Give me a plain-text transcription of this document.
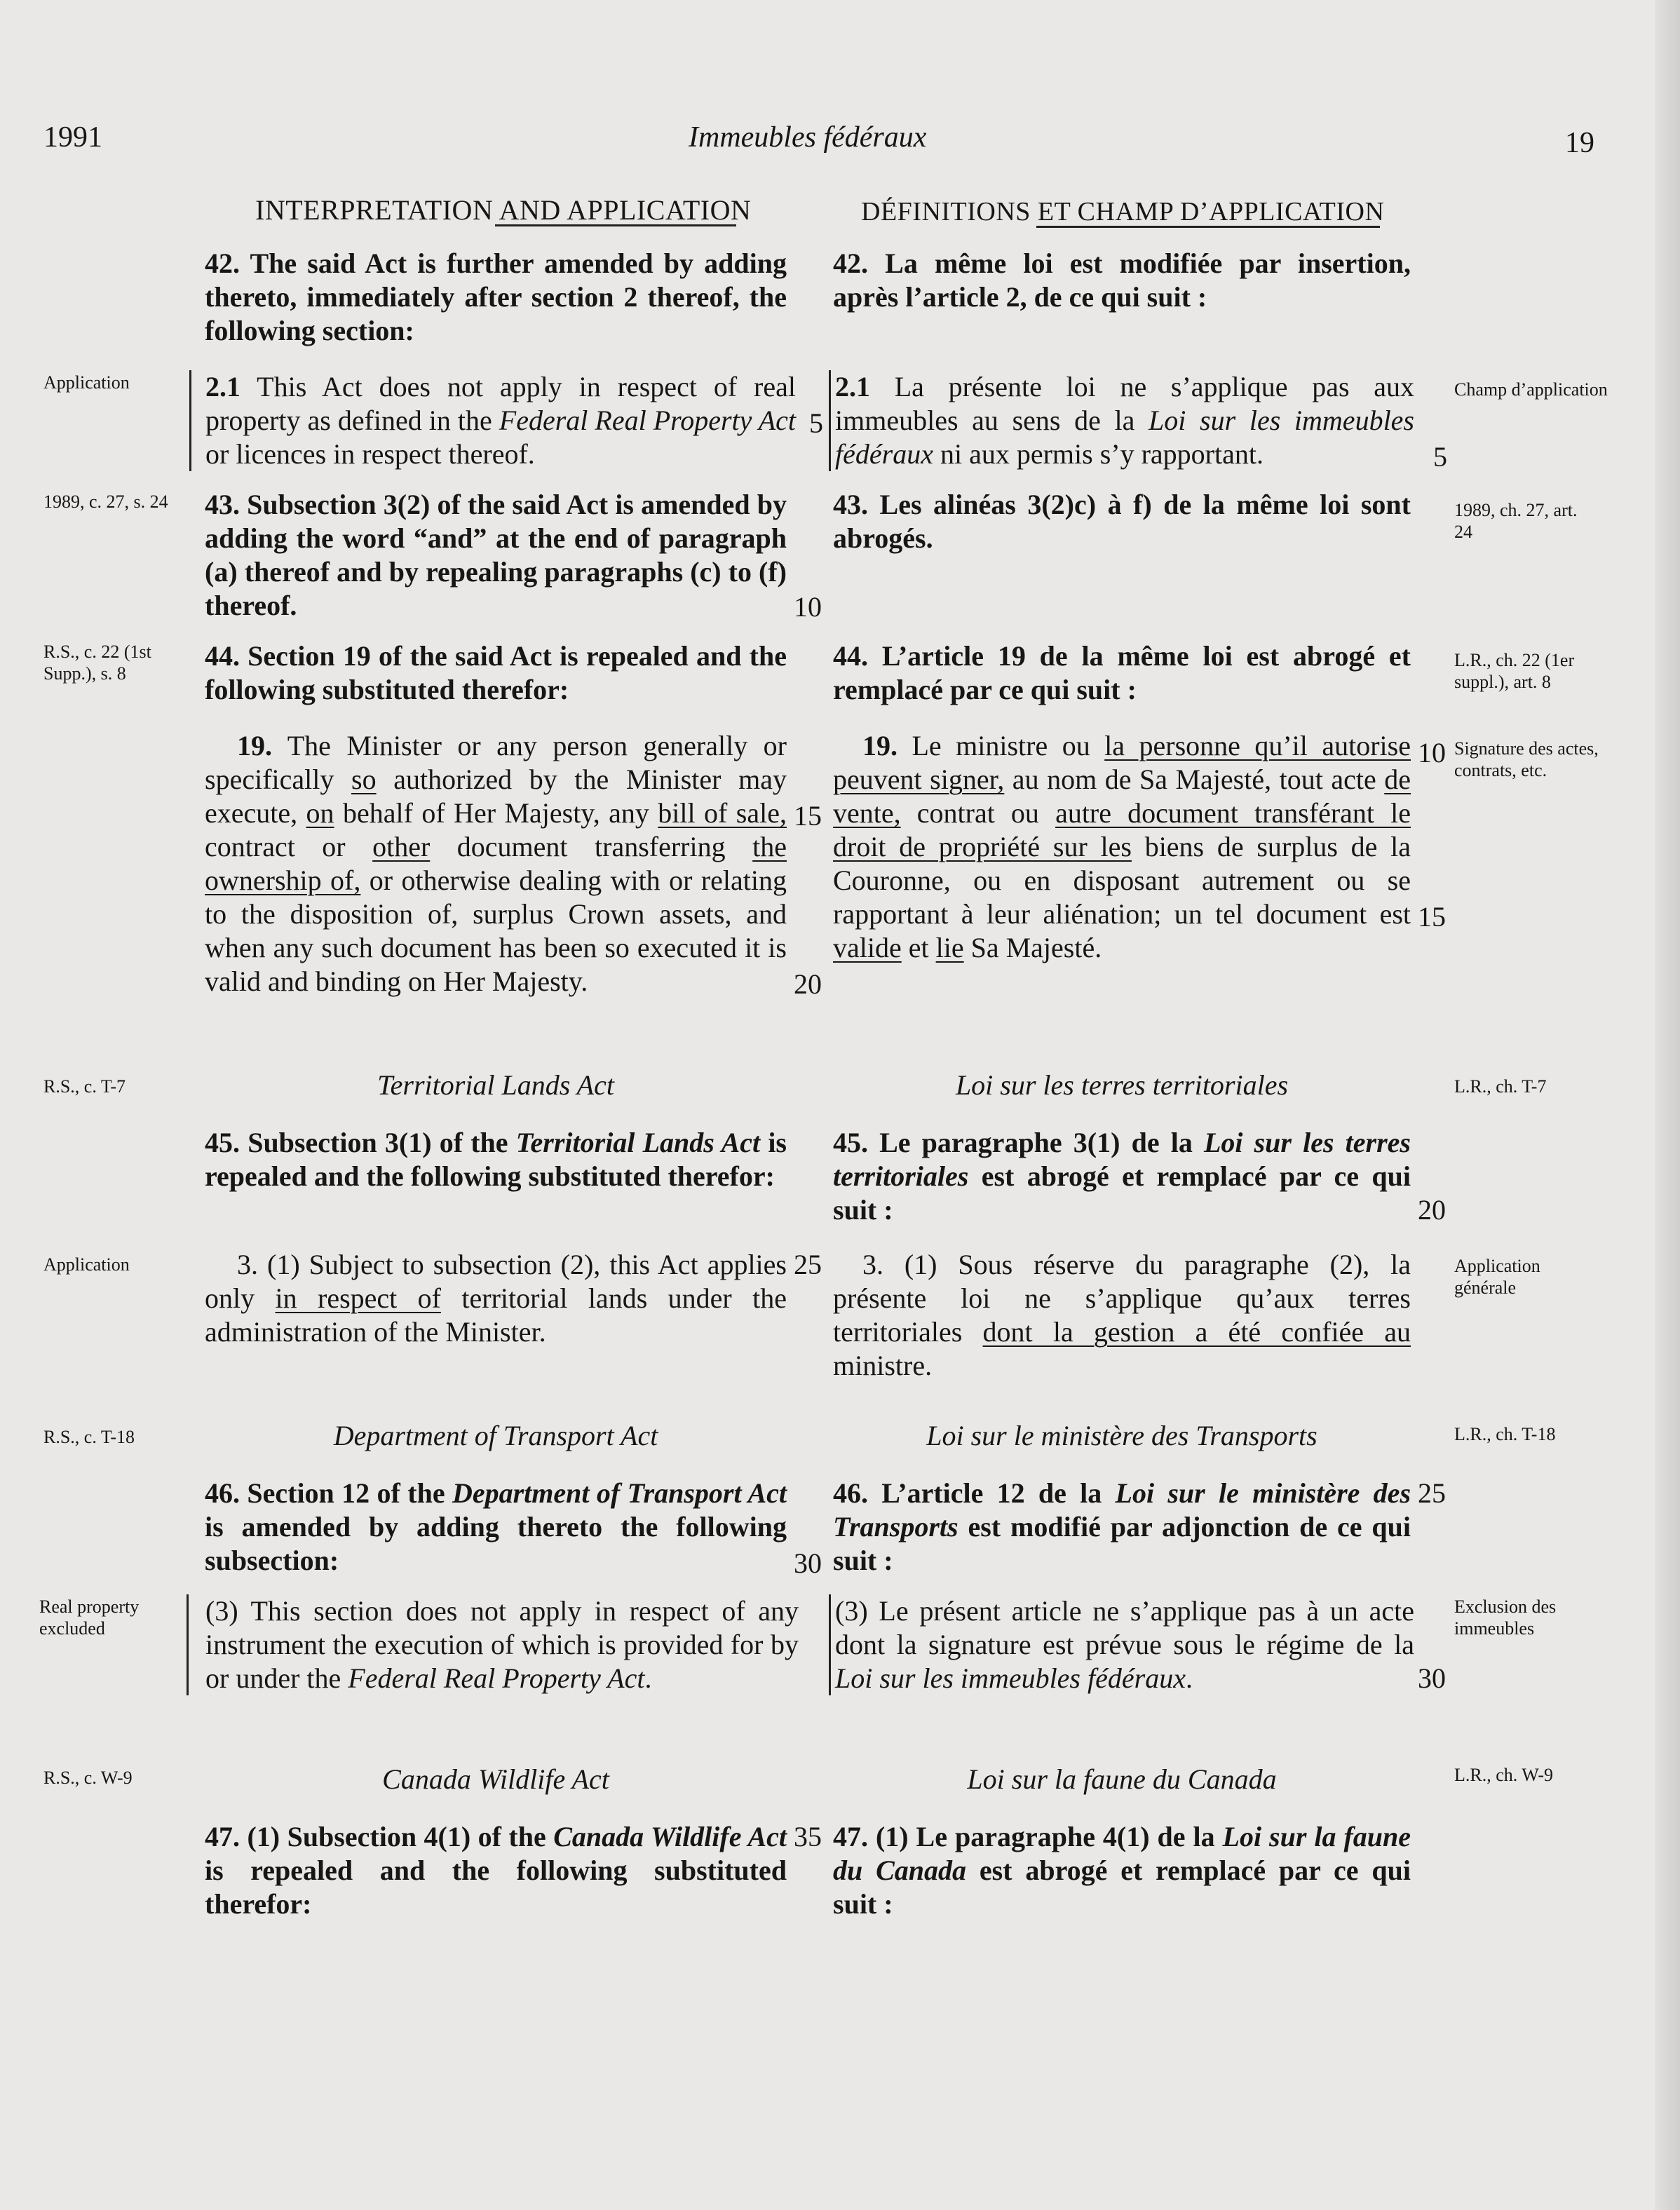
1991	Immeubles fédéraux	19
INTERPRETATION AND APPLICATION	DÉFINITIONS ET CHAMP D’APPLICATION
42. The said Act is further amended by adding thereto, immediately after section 2 thereof, the following section:
42. La même loi est modifiée par insertion, après l’article 2, de ce qui suit :
Application	Champ d’application

2.1 This Act does not apply in respect of real property as defined in the Federal Real Property Act or licences in respect thereof.

2.1 La présente loi ne s’applique pas aux immeubles au sens de la Loi sur les immeubles fédéraux ni aux permis s’y rapportant.

1989, c. 27, s. 24	1989, ch. 27, art. 24
43. Subsection 3(2) of the said Act is amended by adding the word “and” at the end of paragraph (a) thereof and by repealing paragraphs (c) to (f) thereof.
43. Les alinéas 3(2)c) à f) de la même loi sont abrogés.
R.S., c. 22 (1st Supp.), s. 8
L.R., ch. 22 (1er suppl.), art. 8
44. Section 19 of the said Act is repealed and the following substituted therefor:
44. L’article 19 de la même loi est abrogé et remplacé par ce qui suit :
Signature des actes, contrats, etc.

19. The Minister or any person generally or specifically so authorized by the Minister may execute, on behalf of Her Majesty, any bill of sale, contract or other document transferring the ownership of, or otherwise dealing with or relating to the disposition of, surplus Crown assets, and when any such document has been so executed it is valid and binding on Her Majesty.

19. Le ministre ou la personne qu’il autorise peuvent signer, au nom de Sa Majesté, tout acte de vente, contrat ou autre document transférant le droit de propriété sur les biens de surplus de la Couronne, ou en disposant autrement ou se rapportant à leur aliénation; un tel document est valide et lie Sa Majesté.

R.S., c. T-7	L.R., ch. T-7
Territorial Lands Act	Loi sur les terres territoriales

45. Subsection 3(1) of the Territorial Lands Act is repealed and the following substituted therefor:

45. Le paragraphe 3(1) de la Loi sur les terres territoriales est abrogé et remplacé par ce qui suit :

Application	Application générale

3. (1) Subject to subsection (2), this Act applies only in respect of territorial lands under the administration of the Minister.

3. (1) Sous réserve du paragraphe (2), la présente loi ne s’applique qu’aux terres territoriales dont la gestion a été confiée au ministre.

R.S., c. T-18	L.R., ch. T-18
Department of Transport Act	Loi sur le ministère des Transports

46. Section 12 of the Department of Transport Act is amended by adding thereto the following subsection:

46. L’article 12 de la Loi sur le ministère des Transports est modifié par adjonction de ce qui suit :

Real property excluded
Exclusion des immeubles

(3) This section does not apply in respect of any instrument the execution of which is provided for by or under the Federal Real Property Act.

(3) Le présent article ne s’applique pas à un acte dont la signature est prévue sous le régime de la Loi sur les immeubles fédéraux.

R.S., c. W-9	L.R., ch. W-9
Canada Wildlife Act	Loi sur la faune du Canada

47. (1) Subsection 4(1) of the Canada Wildlife Act is repealed and the following substituted therefor:

47. (1) Le paragraphe 4(1) de la Loi sur la faune du Canada est abrogé et remplacé par ce qui suit :

5
10
15
20
25
30
35
5
10
15
20
25
30
